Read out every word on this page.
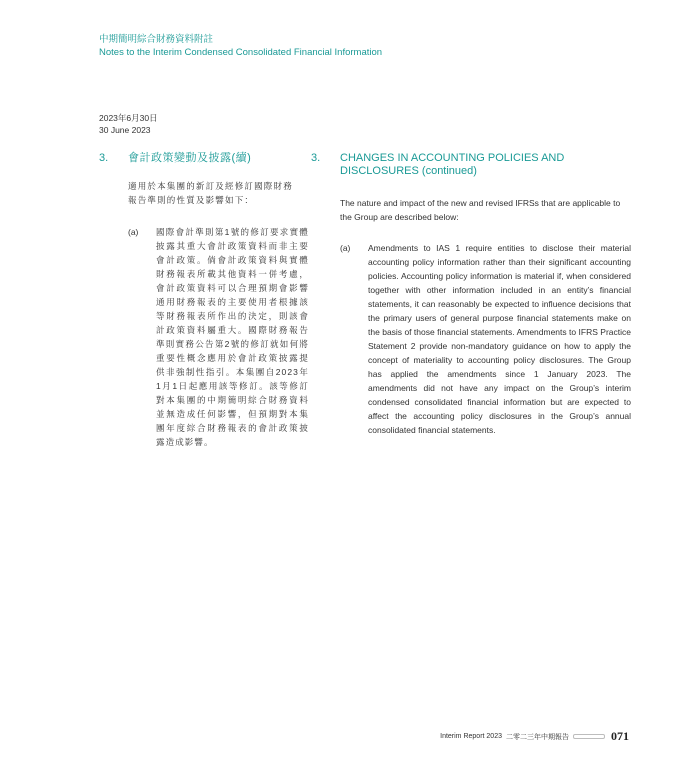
中期簡明綜合財務資料附註
Notes to the Interim Condensed Consolidated Financial Information
2023年6月30日
30 June 2023
3.	會計政策變動及披露(續)
適用於本集團的新訂及經修訂國際財務報告準則的性質及影響如下：
(a)	國際會計準則第1號的修訂要求實體披露其重大會計政策資料而非主要會計政策。倘會計政策資料與實體財務報表所載其他資料一併考慮，會計政策資料可以合理預期會影響通用財務報表的主要使用者根據該等財務報表所作出的決定，則該會計政策資料屬重大。國際財務報告準則實務公告第2號的修訂就如何將重要性概念應用於會計政策披露提供非強制性指引。本集團自2023年1月1日起應用該等修訂。該等修訂對本集團的中期簡明綜合財務資料並無造成任何影響，但預期對本集團年度綜合財務報表的會計政策披露造成影響。
3.	CHANGES IN ACCOUNTING POLICIES AND DISCLOSURES (continued)
The nature and impact of the new and revised IFRSs that are applicable to the Group are described below:
(a)	Amendments to IAS 1 require entities to disclose their material accounting policy information rather than their significant accounting policies. Accounting policy information is material if, when considered together with other information included in an entity’s financial statements, it can reasonably be expected to influence decisions that the primary users of general purpose financial statements make on the basis of those financial statements. Amendments to IFRS Practice Statement 2 provide non-mandatory guidance on how to apply the concept of materiality to accounting policy disclosures. The Group has applied the amendments since 1 January 2023. The amendments did not have any impact on the Group’s interim condensed consolidated financial information but are expected to affect the accounting policy disclosures in the Group’s annual consolidated financial statements.
Interim Report 2023 二零二三年中期報告	071
